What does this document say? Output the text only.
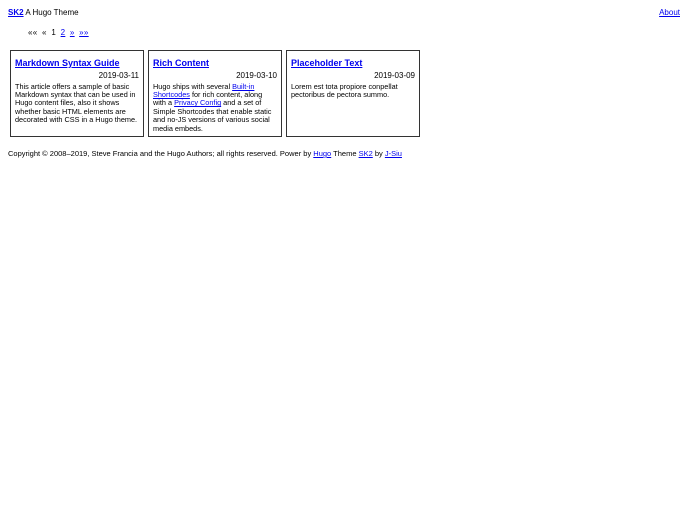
SK2 A Hugo Theme	About
«« « 1 2 » »»
Markdown Syntax Guide
2019-03-11
This article offers a sample of basic Markdown syntax that can be used in Hugo content files, also it shows whether basic HTML elements are decorated with CSS in a Hugo theme.
Rich Content
2019-03-10
Hugo ships with several Built-in Shortcodes for rich content, along with a Privacy Config and a set of Simple Shortcodes that enable static and no-JS versions of various social media embeds.
Placeholder Text
2019-03-09
Lorem est tota propiore conpellat pectoribus de pectora summo.
Copyright © 2008–2019, Steve Francia and the Hugo Authors; all rights reserved. Power by Hugo Theme SK2 by J-Siu
